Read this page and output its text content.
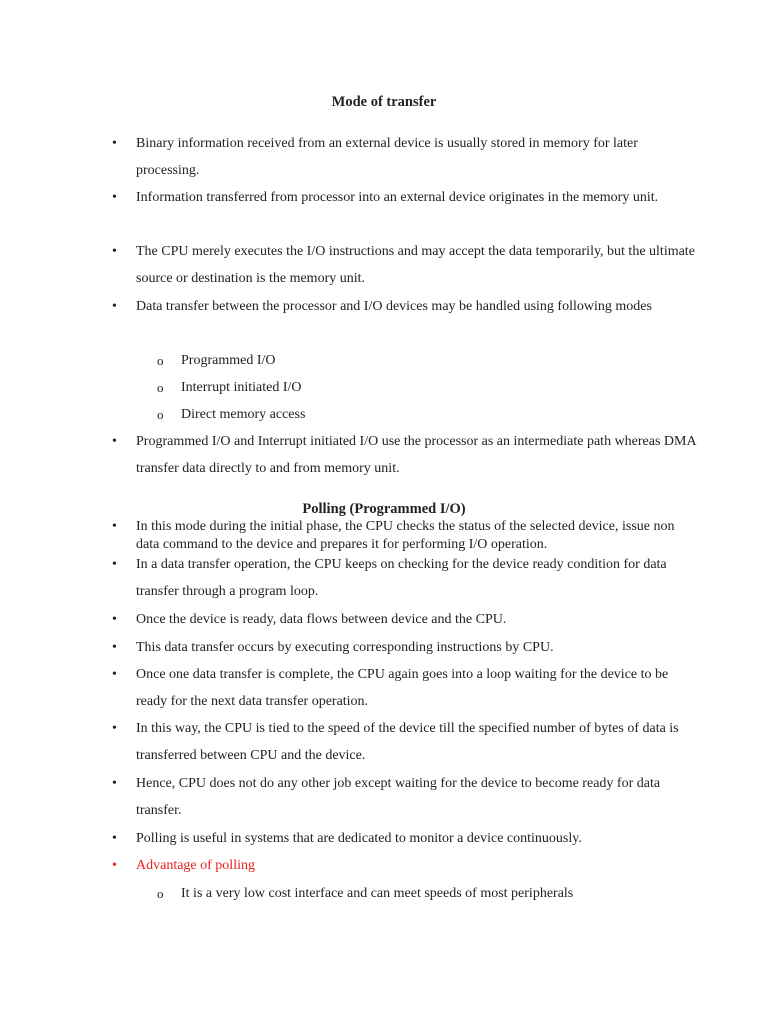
Mode of transfer
•	Binary information received from an external device is usually stored in memory for later processing.
•	Information transferred from processor into an external device originates in the memory unit.
•	The CPU merely executes the I/O instructions and may accept the data temporarily, but the ultimate source or destination is the memory unit.
•	Data transfer between the processor and I/O devices may be handled using following modes
o	Programmed I/O
o	Interrupt initiated I/O
o	Direct memory access
•	Programmed I/O and Interrupt initiated I/O use the processor as an intermediate path whereas DMA transfer data directly to and from memory unit.
Polling (Programmed I/O)
•	In this mode during the initial phase, the CPU checks the status of the selected device, issue non data command to the device and prepares it for performing I/O operation.
•	In a data transfer operation, the CPU keeps on checking for the device ready condition for data transfer through a program loop.
•	Once the device is ready, data flows between device and the CPU.
•	This data transfer occurs by executing corresponding instructions by CPU.
•	Once one data transfer is complete, the CPU again goes into a loop waiting for the device to be ready for the next data transfer operation.
•	In this way, the CPU is tied to the speed of the device till the specified number of bytes of data is transferred between CPU and the device.
•	Hence, CPU does not do any other job except waiting for the device to become ready for data transfer.
•	Polling is useful in systems that are dedicated to monitor a device continuously.
•	Advantage of polling
o	It is a very low cost interface and can meet speeds of most peripherals
